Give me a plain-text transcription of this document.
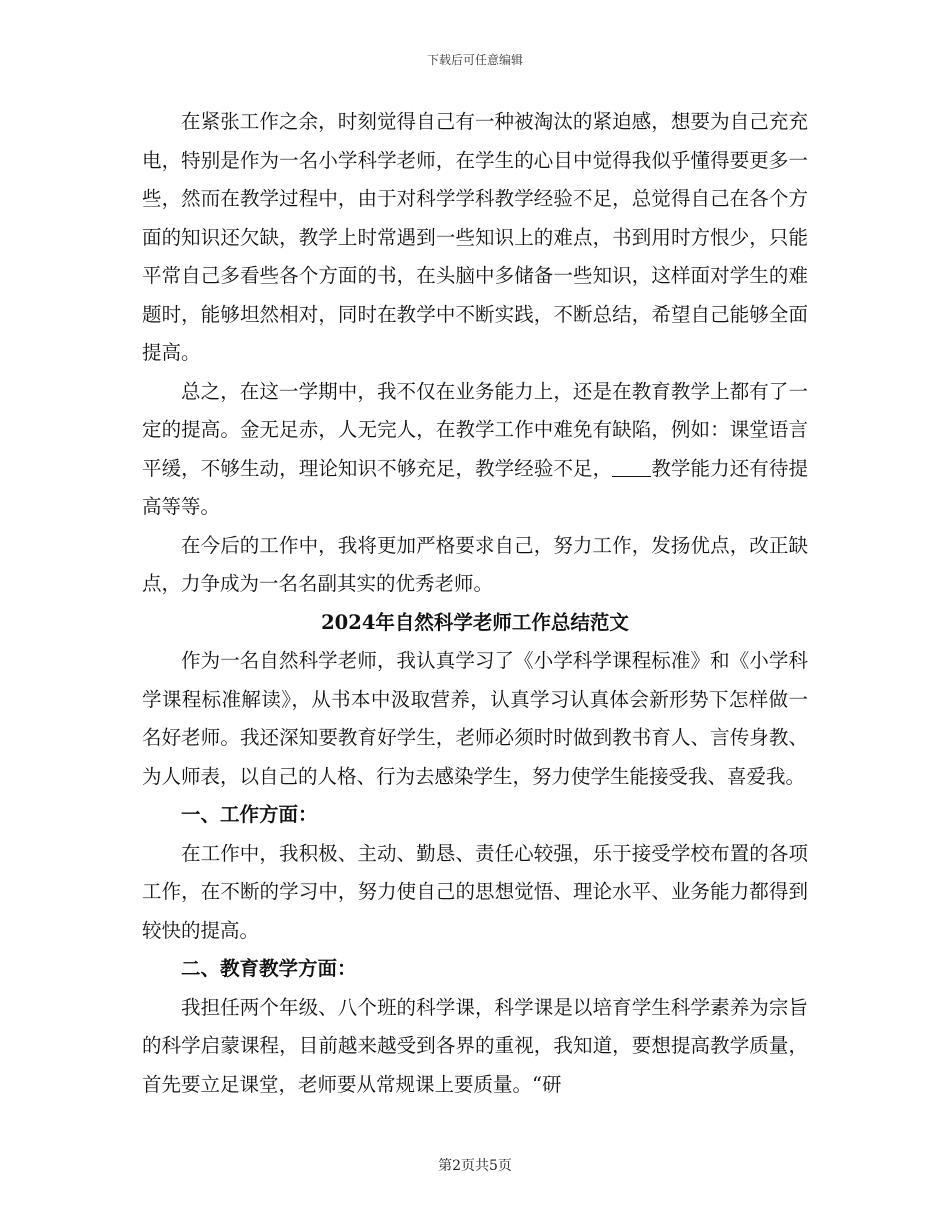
下载后可任意编辑

在紧张工作之余，时刻觉得自己有一种被淘汰的紧迫感，想要为自己充充电，特别是作为一名小学科学老师，在学生的心目中觉得我似乎懂得要更多一些，然而在教学过程中，由于对科学学科教学经验不足，总觉得自己在各个方面的知识还欠缺，教学上时常遇到一些知识上的难点，书到用时方恨少，只能平常自己多看些各个方面的书，在头脑中多储备一些知识，这样面对学生的难题时，能够坦然相对，同时在教学中不断实践，不断总结，希望自己能够全面提高。

总之，在这一学期中，我不仅在业务能力上，还是在教育教学上都有了一定的提高。金无足赤，人无完人，在教学工作中难免有缺陷，例如：课堂语言平缓，不够生动，理论知识不够充足，教学经验不足， 教学能力还有待提高等等。

在今后的工作中，我将更加严格要求自己，努力工作，发扬优点，改正缺点，力争成为一名名副其实的优秀老师。

2024年自然科学老师工作总结范文

作为一名自然科学老师，我认真学习了《小学科学课程标准》和《小学科学课程标准解读》，从书本中汲取营养，认真学习认真体会新形势下怎样做一名好老师。我还深知要教育好学生，老师必须时时做到教书育人、言传身教、为人师表，以自己的人格、行为去感染学生，努力使学生能接受我、喜爱我。

一、工作方面：

在工作中，我积极、主动、勤恳、责任心较强，乐于接受学校布置的各项工作，在不断的学习中，努力使自己的思想觉悟、理论水平、业务能力都得到较快的提高。

二、教育教学方面：

我担任两个年级、八个班的科学课，科学课是以培育学生科学素养为宗旨的科学启蒙课程，目前越来越受到各界的重视，我知道，要想提高教学质量，首先要立足课堂，老师要从常规课上要质量。“研

第2页共5页
